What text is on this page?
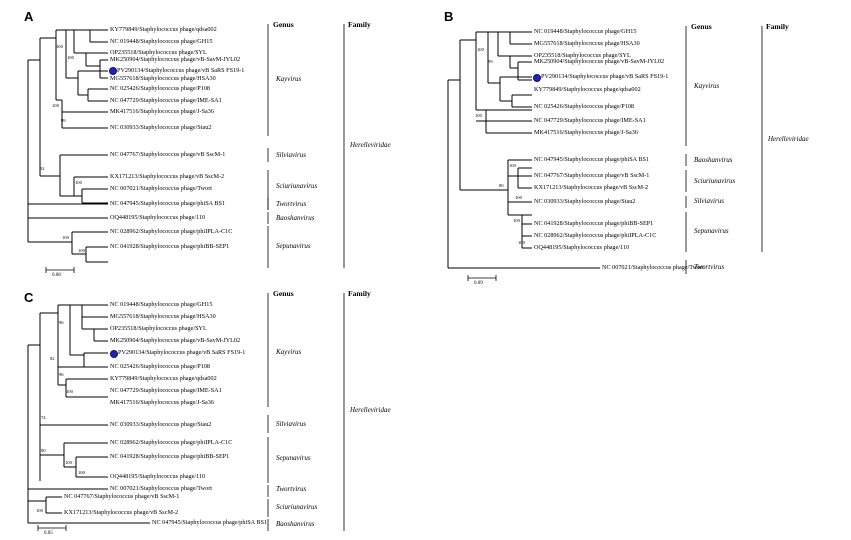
A
Genus	Family
KY779849/Staphylococcus phage/qdsa002
NC 019448/Staphylococcus phage/GH15
OP235518/Staphylococcus phage/SYL
MK250904/Staphylococcus phage/vB-SavM-JYL02
PV290134/Staphylococcus phage/vB SaRS FS19-1
MG557618/Staphylococcus phage/HSA30
NC 025426/Staphylococcus phage/P108
NC 047729/Staphylococcus phage/IME-SA1
MK417516/Staphylococcus phage/J-Sa36
NC 030933/Staphylococcus phage/Stau2
NC 047767/Staphylococcus phage/vB SscM-1
KX171213/Staphylococcus phage/vB SscM-2
NC 007021/Staphylococcus phage/Twort
NC 047945/Staphylococcus phage/phiSA BS1
OQ448195/Staphylococcus phage/110
NC 028962/Staphylococcus phage/phiIPLA-C1C
NC 041928/Staphylococcus phage/phiBB-SEP1
100
100
100
99
92
100
100
100
Kayvirus
Silviavirus
Sciuriunavirus
Twortvirus
Baoshanvirus
Sepunavirus
Herelleviridae
0.08
B
Genus	Family
NC 019448/Staphylococcus phage/GH15
MG557618/Staphylococcus phage/HSA30
OP235518/Staphylococcus phage/SYL
MK250904/Staphylococcus phage/vB-SavM-JYL02
PV290134/Staphylococcus phage/vB SaRS FS19-1
KY779849/Staphylococcus phage/qdsa002
NC 025426/Staphylococcus phage/P108
NC 047729/Staphylococcus phage/IME-SA1
MK417516/Staphylococcus phage/J-Sa36
NC 047945/Staphylococcus phage/phiSA BS1
NC 047767/Staphylococcus phage/vB SscM-1
KX171213/Staphylococcus phage/vB SscM-2
NC 030933/Staphylococcus phage/Stau2
NC 041928/Staphylococcus phage/phiBB-SEP1
NC 028962/Staphylococcus phage/phiIPLA-C1C
OQ448195/Staphylococcus phage/110
NC 007021/Staphylococcus phage/Twort
100
99
100
80
100
100
100
100
Kayvirus
Baoshanvirus
Sciuriunavirus
Silviavirus
Sepunavirus
Twortvirus
Herelleviridae
0.09
C	Genus	Family
NC 019448/Staphylococcus phage/GH15
MG557618/Staphylococcus phage/HSA30
OP235518/Staphylococcus phage/SYL
MK250904/Staphylococcus phage/vB-SavM-JYL02
PV290134/Staphylococcus phage/vB SaRS FS19-1
NC 025426/Staphylococcus phage/P108
KY779849/Staphylococcus phage/qdsa002
NC 047729/Staphylococcus phage/IME-SA1
MK417516/Staphylococcus phage/J-Sa36
NC 030933/Staphylococcus phage/Stau2
NC 028962/Staphylococcus phage/phiIPLA-C1C
NC 041928/Staphylococcus phage/phiBB-SEP1
OQ448195/Staphylococcus phage/110
NC 007021/Staphylococcus phage/Twort
NC 047767/Staphylococcus phage/vB SscM-1
KX171213/Staphylococcus phage/vB SscM-2
NC 047945/Staphylococcus phage/phiSA BS1
96
82
96
100
74
80
100
100
100
Kayvirus
Silviavirus
Sepunavirus
Twortvirus
Sciuriunavirus
Baoshanvirus
Herelleviridae
0.05
